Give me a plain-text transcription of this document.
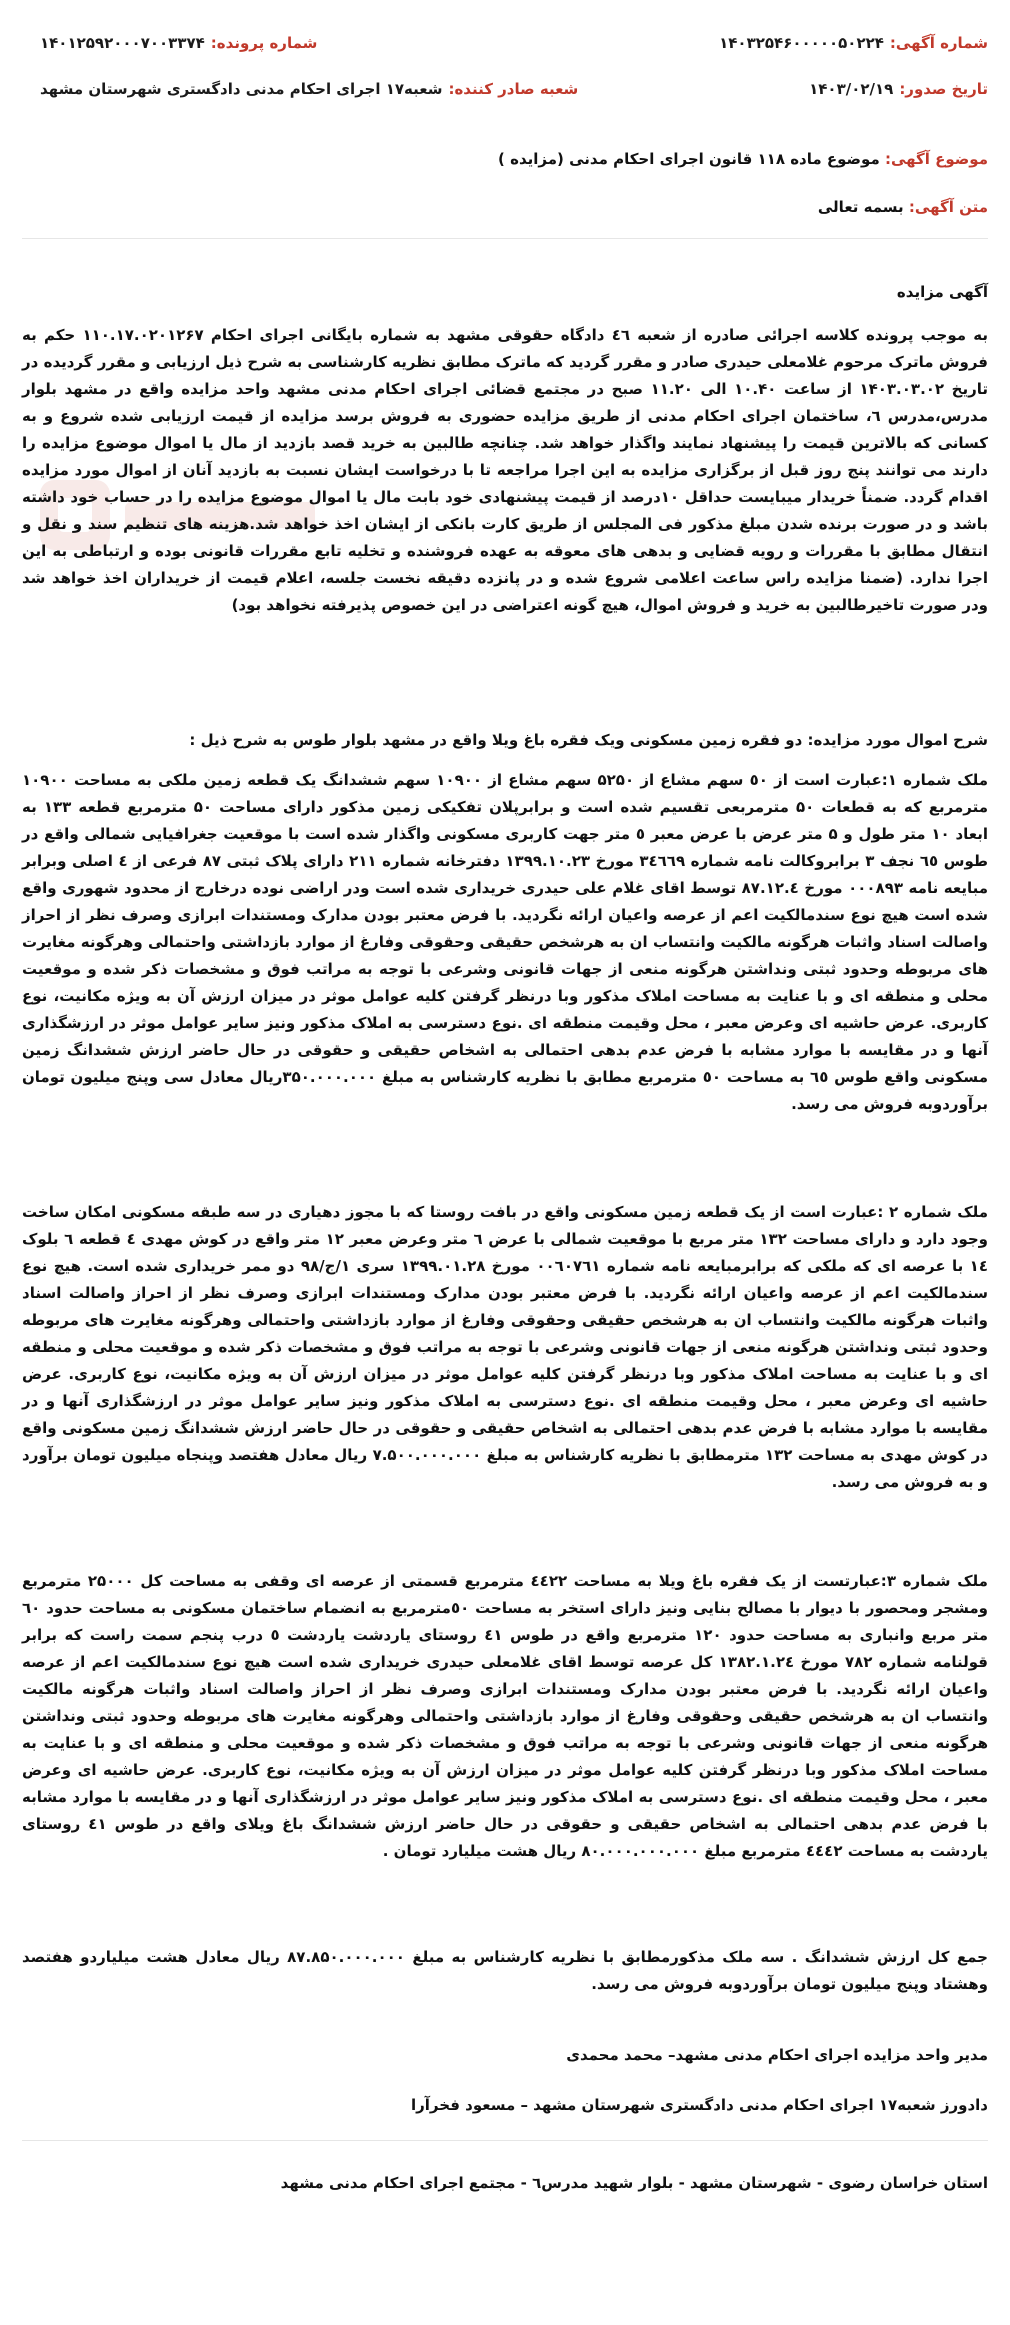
شماره آگهی:
۱۴۰۳۲۵۴۶۰۰۰۰۰۵۰۲۲۴
شماره پرونده:
۱۴۰۱۲۵۹۲۰۰۰۷۰۰۳۳۷۴
تاریخ صدور:
۱۴۰۳/۰۲/۱۹
شعبه صادر کننده:
شعبه۱۷ اجرای احکام مدنی دادگستری شهرستان مشهد
موضوع آگهی: موضوع ماده ۱۱۸ قانون اجرای احکام مدنی (مزایده )
متن آگهی: بسمه تعالی
آگهی مزایده
به موجب پرونده کلاسه اجرائی صادره از شعبه ٤٦ دادگاه حقوقی مشهد به شماره بایگانی اجرای احکام ۱۱۰.۱۷.۰۲۰۱۲۶۷ حکم به فروش ماترک مرحوم غلامعلی حیدری صادر و مقرر گردید که ماترک مطابق نظریه کارشناسی به شرح ذیل ارزیابی و مقرر گردیده در تاریخ ۱۴۰۳.۰۳.۰۲ از ساعت ۱۰.۴۰ الی ۱۱.۲۰ صبح در مجتمع قضائی اجرای احکام مدنی مشهد واحد مزایده واقع در مشهد بلوار مدرس،مدرس ٦، ساختمان اجرای احکام مدنی از طریق مزایده حضوری به فروش برسد مزایده از قیمت ارزیابی شده شروع و به کسانی که بالاترین قیمت را پیشنهاد نمایند واگذار خواهد شد. چنانچه طالبین به خرید قصد بازدید از مال یا اموال موضوع مزایده را دارند می توانند پنج روز قبل از برگزاری مزایده به این اجرا مراجعه تا با درخواست ایشان نسبت به بازدید آنان از اموال مورد مزایده اقدام گردد. ضمناً خریدار میبایست حداقل ۱۰درصد از قیمت پیشنهادی خود بابت مال یا اموال موضوع مزایده را در حساب خود داشته باشد و در صورت برنده شدن مبلغ مذکور فی المجلس از طریق کارت بانکی از ایشان اخذ خواهد شد.هزینه های تنظیم سند و نقل و انتقال مطابق با مقررات و رویه قضایی و بدهی های معوقه به عهده فروشنده و تخلیه تابع مقررات قانونی بوده و ارتباطی به این اجرا ندارد. (ضمنا مزایده راس ساعت اعلامی شروع شده و در پانزده دقیقه نخست جلسه، اعلام قیمت از خریداران اخذ خواهد شد ودر صورت تاخیرطالبین به خرید و فروش اموال، هیچ گونه اعتراضی در این خصوص پذیرفته نخواهد بود)
شرح اموال مورد مزایده: دو فقره زمین مسکونی ویک فقره باغ ویلا واقع در مشهد بلوار طوس به شرح ذیل :
ملک شماره ۱:عبارت است از ٥٠ سهم مشاع از ۵۲۵۰ سهم مشاع از ۱۰۹۰۰ سهم ششدانگ یک قطعه زمین ملکی به مساحت ۱۰۹۰۰ مترمربع که به قطعات ۵۰ مترمربعی تقسیم شده است و برابرپلان تفکیکی زمین مذکور دارای مساحت ۵۰ مترمربع قطعه ۱۳۳ به ابعاد ۱۰ متر طول و ۵ متر عرض با عرض معبر ٥ متر جهت کاربری مسکونی واگذار شده است با موقعیت جغرافیایی شمالی واقع در طوس ٦٥ نجف ۳ برابروکالت نامه شماره ٣٤٦٦٩ مورخ ۱۳۹۹.۱۰.۲۳ دفترخانه شماره ۲۱۱ دارای پلاک ثبتی ۸۷ فرعی از ٤ اصلی وبرابر مبایعه نامه ۰۰۰۸۹۳ مورخ ۸۷.۱۲.٤ توسط اقای غلام علی حیدری خریداری شده است ودر اراضی نوده درخارج از محدود شهوری واقع شده است هیچ نوع سندمالکیت اعم از عرصه واعیان ارائه نگردید. با فرض معتبر بودن مدارک ومستندات ابرازی وصرف نظر از احراز واصالت اسناد واثبات هرگونه مالکیت وانتساب ان به هرشخص حقیقی وحقوقی وفارغ از موارد بازداشتی واحتمالی وهرگونه مغایرت های مربوطه وحدود ثبتی ونداشتن هرگونه منعی از جهات قانونی وشرعی با توجه به مراتب فوق و مشخصات ذکر شده و موقعیت محلی و منطقه ای و با عنایت به مساحت املاک مذکور وبا درنظر گرفتن کلیه عوامل موثر در میزان ارزش آن به ویژه مکانیت، نوع کاربری. عرض حاشیه ای وعرض معبر ، محل وقیمت منطقه ای .نوع دسترسی به املاک مذکور ونیز سایر عوامل موثر در ارزشگذاری آنها و در مقایسه با موارد مشابه با فرض عدم بدهی احتمالی به اشخاص حقیقی و حقوقی در حال حاضر ارزش ششدانگ زمین مسکونی واقع طوس ٦٥ به مساحت ٥٠ مترمربع مطابق با نظریه کارشناس به مبلغ ۳۵۰.۰۰۰.۰۰۰ریال معادل سی وپنج میلیون تومان برآوردوبه فروش می رسد.
ملک شماره ۲ :عبارت است از یک قطعه زمین مسکونی واقع در بافت روستا که با مجوز دهیاری در سه طبقه مسکونی امکان ساخت وجود دارد و دارای مساحت ۱۳۲ متر مربع با موقعیت شمالی با عرض ٦ متر وعرض معبر ۱۲ متر واقع در کوش مهدی ٤ قطعه ٦ بلوک ١٤ با عرصه ای که ملکی که برابرمبایعه نامه شماره ۰۰٦٠٧٦١ مورخ ۱۳۹۹.۰۱.۲۸ سری ١/ج/٩٨ دو ممر خریداری شده است. هیچ نوع سندمالکیت اعم از عرصه واعیان ارائه نگردید. با فرض معتبر بودن مدارک ومستندات ابرازی وصرف نظر از احراز واصالت اسناد واثبات هرگونه مالکیت وانتساب ان به هرشخص حقیقی وحقوقی وفارغ از موارد بازداشتی واحتمالی وهرگونه مغایرت های مربوطه وحدود ثبتی ونداشتن هرگونه منعی از جهات قانونی وشرعی با توجه به مراتب فوق و مشخصات ذکر شده و موقعیت محلی و منطقه ای و با عنایت به مساحت املاک مذکور وبا درنظر گرفتن کلیه عوامل موثر در میزان ارزش آن به ویژه مکانیت، نوع کاربری. عرض حاشیه ای وعرض معبر ، محل وقیمت منطقه ای .نوع دسترسی به املاک مذکور ونیز سایر عوامل موثر در ارزشگذاری آنها و در مقایسه با موارد مشابه با فرض عدم بدهی احتمالی به اشخاص حقیقی و حقوقی در حال حاضر ارزش ششدانگ زمین مسکونی واقع در کوش مهدی به مساحت ۱۳۲ مترمطابق با نظریه کارشناس به مبلغ ۷.۵۰۰.۰۰۰.۰۰۰ ریال معادل هفتصد وپنجاه میلیون تومان برآورد و به فروش می رسد.
ملک شماره ۳:عبارتست از یک فقره باغ ویلا به مساحت ٤٤٢٢ مترمربع قسمتی از عرصه ای وقفی به مساحت کل ۲۵۰۰۰ مترمربع ومشجر ومحصور با دیوار با مصالح بنایی ونیز دارای استخر به مساحت ٥٠مترمربع به انضمام ساختمان مسکونی به مساحت حدود ٦٠ متر مربع وانباری به مساحت حدود ۱۲۰ مترمربع واقع در طوس ٤١ روستای یاردشت یاردشت ٥ درب پنجم سمت راست که برابر قولنامه شماره ۷۸۲ مورخ ۱۳۸۲.۱.۲٤ کل عرصه توسط اقای غلامعلی حیدری خریداری شده است هیچ نوع سندمالکیت اعم از عرصه واعیان ارائه نگردید. با فرض معتبر بودن مدارک ومستندات ابرازی وصرف نظر از احراز واصالت اسناد واثبات هرگونه مالکیت وانتساب ان به هرشخص حقیقی وحقوقی وفارغ از موارد بازداشتی واحتمالی وهرگونه مغایرت های مربوطه وحدود ثبتی ونداشتن هرگونه منعی از جهات قانونی وشرعی با توجه به مراتب فوق و مشخصات ذکر شده و موقعیت محلی و منطقه ای و با عنایت به مساحت املاک مذکور وبا درنظر گرفتن کلیه عوامل موثر در میزان ارزش آن به ویژه مکانیت، نوع کاربری. عرض حاشیه ای وعرض معبر ، محل وقیمت منطقه ای .نوع دسترسی به املاک مذکور ونیز سایر عوامل موثر در ارزشگذاری آنها و در مقایسه با موارد مشابه با فرض عدم بدهی احتمالی به اشخاص حقیقی و حقوقی در حال حاضر ارزش ششدانگ باغ ویلای واقع در طوس ٤١ روستای یاردشت به مساحت ٤٤٤٢ مترمربع مبلغ ۸۰.۰۰۰.۰۰۰.۰۰۰ ریال هشت میلیارد تومان .
جمع کل ارزش ششدانگ . سه ملک مذکورمطابق با نظریه کارشناس به مبلغ ۸۷.۸۵۰.۰۰۰.۰۰۰ ریال معادل هشت میلیاردو هفتصد وهشتاد وپنج میلیون تومان برآوردوبه فروش می رسد.
مدیر واحد مزایده اجرای احکام مدنی مشهد– محمد محمدی
دادورز شعبه۱۷ اجرای احکام مدنی دادگستری شهرستان مشهد – مسعود فخرآرا
استان خراسان رضوی - شهرستان مشهد - بلوار شهید مدرس٦ - مجتمع اجرای احکام مدنی مشهد
